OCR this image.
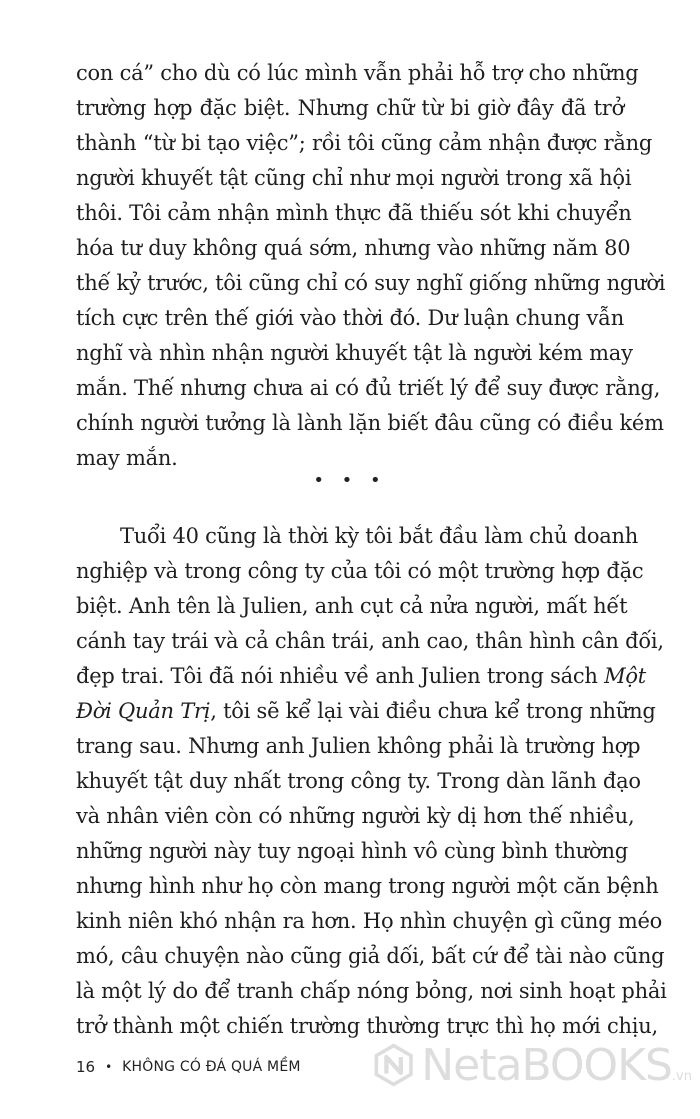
con cá” cho dù có lúc mình vẫn phải hỗ trợ cho những
trường hợp đặc biệt. Nhưng chữ từ bi giờ đây đã trở
thành “từ bi tạo việc”; rồi tôi cũng cảm nhận được rằng
người khuyết tật cũng chỉ như mọi người trong xã hội
thôi. Tôi cảm nhận mình thực đã thiếu sót khi chuyển
hóa tư duy không quá sớm, nhưng vào những năm 80
thế kỷ trước, tôi cũng chỉ có suy nghĩ giống những người
tích cực trên thế giới vào thời đó. Dư luận chung vẫn
nghĩ và nhìn nhận người khuyết tật là người kém may
mắn. Thế nhưng chưa ai có đủ triết lý để suy được rằng,
chính người tưởng là lành lặn biết đâu cũng có điều kém
may mắn.
• • •
Tuổi 40 cũng là thời kỳ tôi bắt đầu làm chủ doanh
nghiệp và trong công ty của tôi có một trường hợp đặc
biệt. Anh tên là Julien, anh cụt cả nửa người, mất hết
cánh tay trái và cả chân trái, anh cao, thân hình cân đối,
đẹp trai. Tôi đã nói nhiều về anh Julien trong sách Một
Đời Quản Trị, tôi sẽ kể lại vài điều chưa kể trong những
trang sau. Nhưng anh Julien không phải là trường hợp
khuyết tật duy nhất trong công ty. Trong dàn lãnh đạo
và nhân viên còn có những người kỳ dị hơn thế nhiều,
những người này tuy ngoại hình vô cùng bình thường
nhưng hình như họ còn mang trong người một căn bệnh
kinh niên khó nhận ra hơn. Họ nhìn chuyện gì cũng méo
mó, câu chuyện nào cũng giả dối, bất cứ để tài nào cũng
là một lý do để tranh chấp nóng bỏng, nơi sinh hoạt phải
trở thành một chiến trường thường trực thì họ mới chịu,
16 • KHÔNG CÓ ĐÁ QUÁ MỀM	NetaBOOKS.vn
